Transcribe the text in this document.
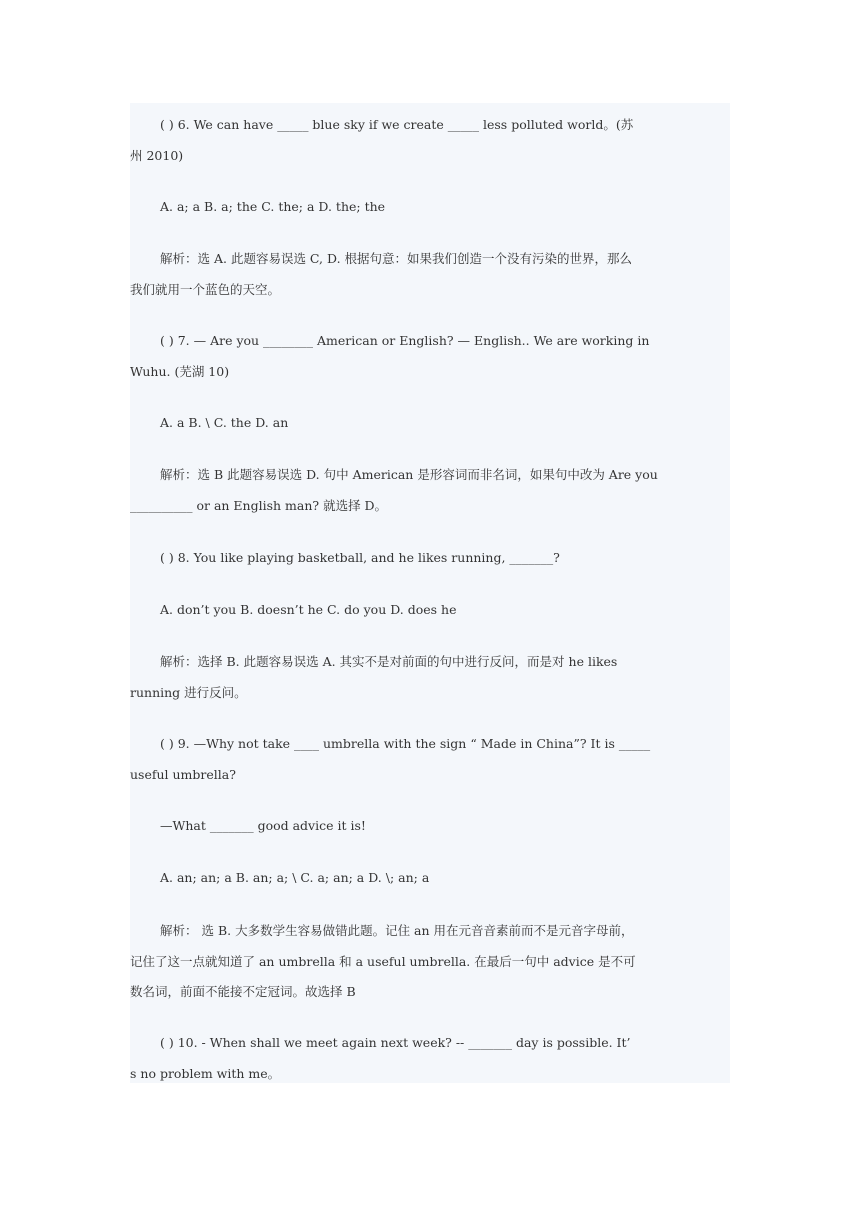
( ) 6. We can have _____ blue sky if we create _____ less polluted world。(苏
州 2010)
A. a; a B. a; the C. the; a D. the; the
解析：选 A. 此题容易误选 C, D. 根据句意：如果我们创造一个没有污染的世界，那么
我们就用一个蓝色的天空。
( ) 7. — Are you ________ American or English? — English.. We are working in
Wuhu. (芜湖 10)
A. a B. \ C. the D. an
解析：选 B 此题容易误选 D. 句中 American 是形容词而非名词，如果句中改为 Are you
__________ or an English man? 就选择 D。
( ) 8. You like playing basketball, and he likes running, _______?
A. don’t you B. doesn’t he C. do you D. does he
解析：选择 B. 此题容易误选 A. 其实不是对前面的句中进行反问，而是对 he likes
running 进行反问。
( ) 9. —Why not take ____ umbrella with the sign “ Made in China”? It is _____
useful umbrella?
—What _______ good advice it is!
A. an; an; a B. an; a; \ C. a; an; a D. \; an; a
解析： 选 B. 大多数学生容易做错此题。记住 an 用在元音音素前而不是元音字母前，
记住了这一点就知道了 an umbrella 和 a useful umbrella. 在最后一句中 advice 是不可
数名词，前面不能接不定冠词。故选择 B
( ) 10. - When shall we meet again next week? -- _______ day is possible. It’
s no problem with me。
